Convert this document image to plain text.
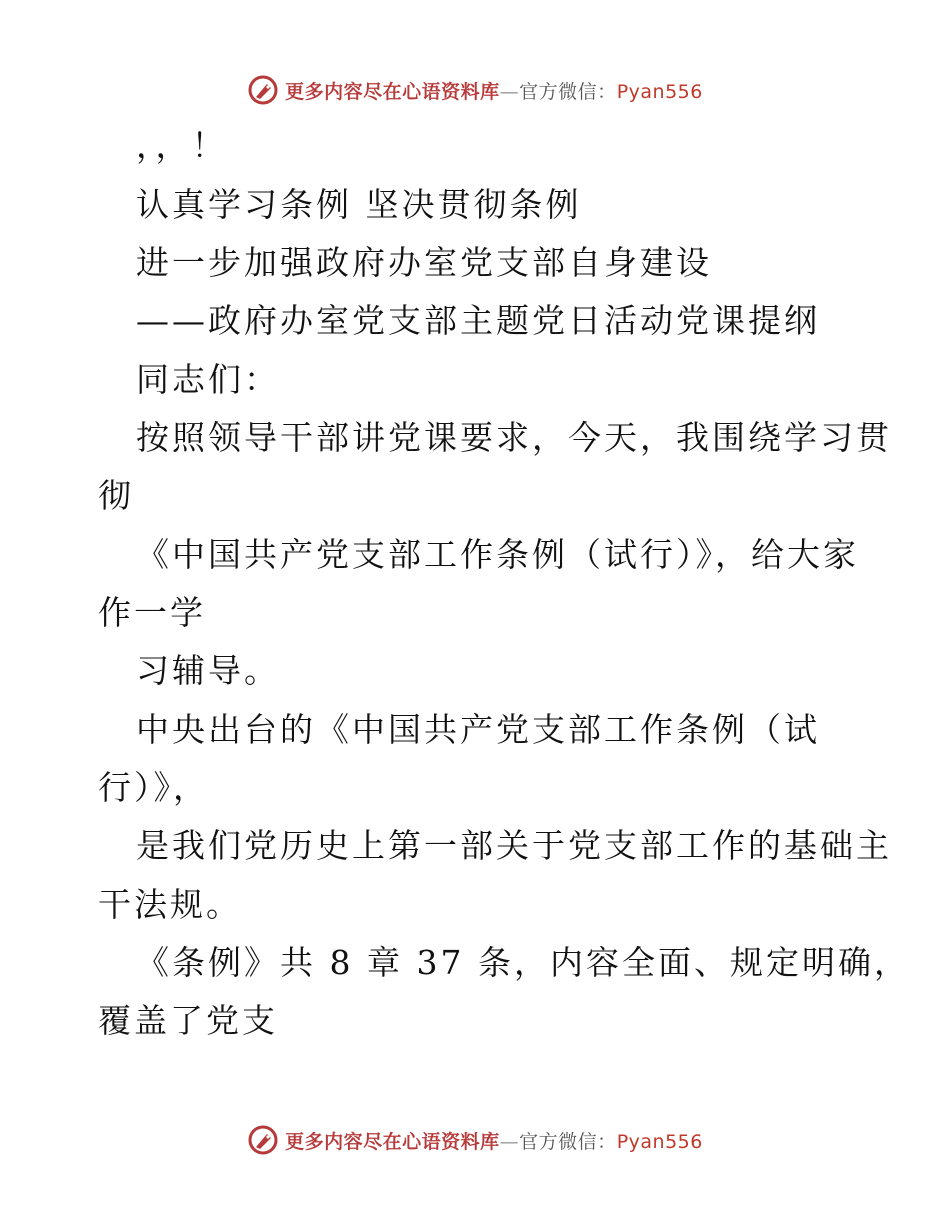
更多内容尽在心语资料库—官方微信：Pyan556
，，！
认真学习条例 坚决贯彻条例
进一步加强政府办室党支部自身建设
——政府办室党支部主题党日活动党课提纲
同志们：
按照领导干部讲党课要求，今天，我围绕学习贯
彻
《中国共产党支部工作条例（试行）》，给大家
作一学
习辅导。
中央出台的《中国共产党支部工作条例（试
行）》，
是我们党历史上第一部关于党支部工作的基础主
干法规。
《条例》共 8 章 37 条，内容全面、规定明确，
覆盖了党支
更多内容尽在心语资料库—官方微信：Pyan556
